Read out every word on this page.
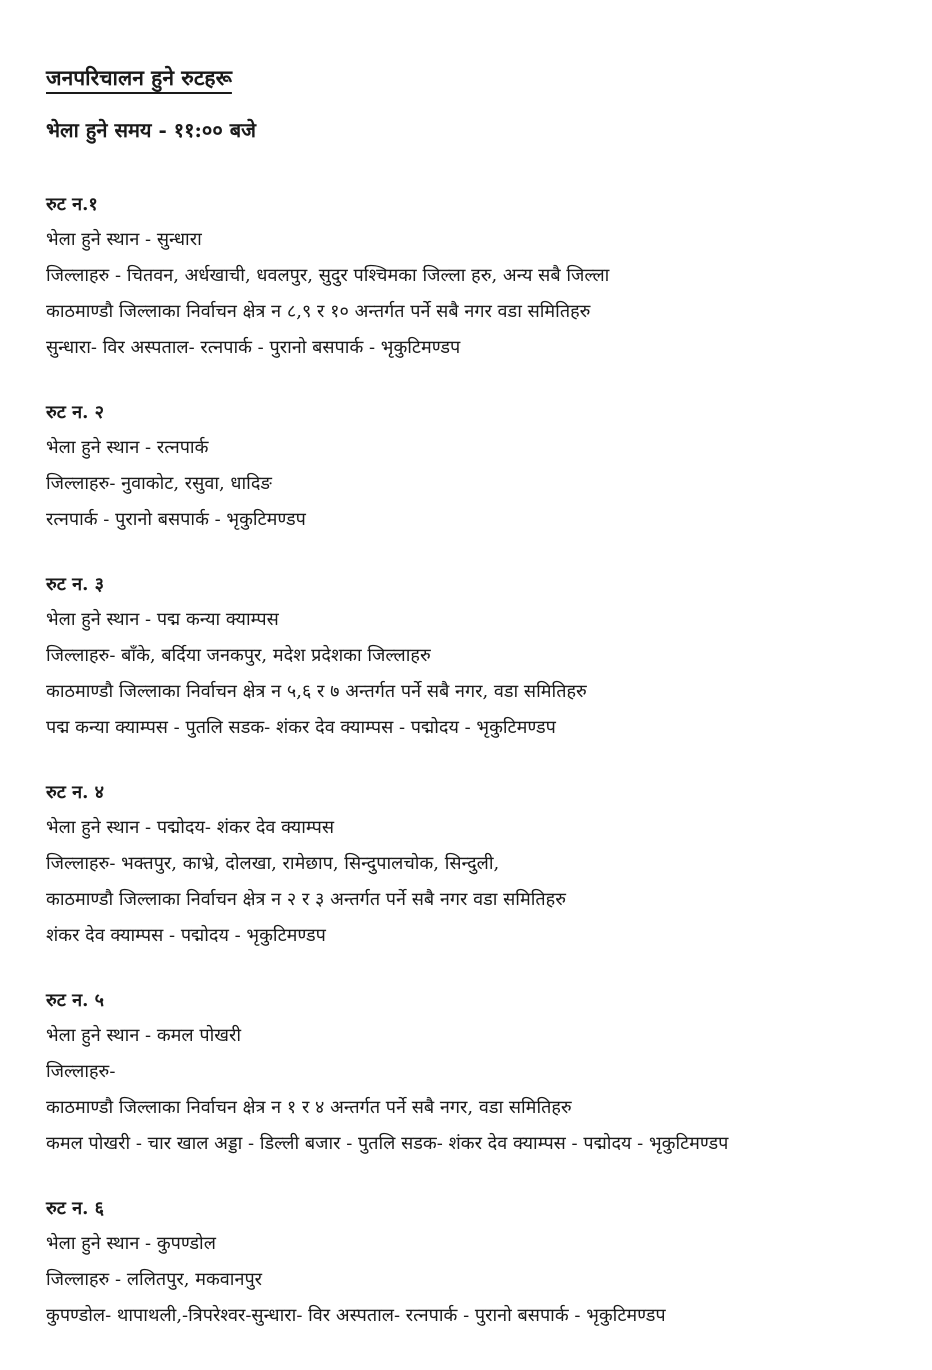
जनपरिचालन हुने रुटहरू
भेला हुने समय - ११:०० बजे
रुट न.१
भेला हुने स्थान - सुन्धारा
जिल्लाहरु - चितवन, अर्धखाची, धवलपुर, सुदुर पश्चिमका जिल्ला हरु, अन्य सबै जिल्ला
काठमाण्डौ जिल्लाका निर्वाचन क्षेत्र न ८,९ र १० अन्तर्गत पर्ने सबै नगर वडा समितिहरु
सुन्धारा- विर अस्पताल- रत्नपार्क - पुरानो बसपार्क - भृकुटिमण्डप
रुट न. २
भेला हुने स्थान - रत्नपार्क
जिल्लाहरु- नुवाकोट, रसुवा, धादिङ
रत्नपार्क - पुरानो बसपार्क - भृकुटिमण्डप
रुट न. ३
भेला हुने स्थान - पद्म कन्या क्याम्पस
जिल्लाहरु- बाँके, बर्दिया जनकपुर, मदेश प्रदेशका जिल्लाहरु
काठमाण्डौ जिल्लाका निर्वाचन क्षेत्र न ५,६ र ७ अन्तर्गत पर्ने सबै नगर, वडा समितिहरु
पद्म कन्या क्याम्पस - पुतलि सडक- शंकर देव क्याम्पस - पद्मोदय - भृकुटिमण्डप
रुट न. ४
भेला हुने स्थान - पद्मोदय- शंकर देव क्याम्पस
जिल्लाहरु- भक्तपुर, काभ्रे, दोलखा, रामेछाप, सिन्दुपालचोक, सिन्दुली,
काठमाण्डौ जिल्लाका निर्वाचन क्षेत्र न २ र ३ अन्तर्गत पर्ने सबै नगर वडा समितिहरु
शंकर देव क्याम्पस - पद्मोदय - भृकुटिमण्डप
रुट न. ५
भेला हुने स्थान - कमल पोखरी
जिल्लाहरु-
काठमाण्डौ जिल्लाका निर्वाचन क्षेत्र न १ र ४ अन्तर्गत पर्ने सबै नगर, वडा समितिहरु
कमल पोखरी - चार खाल अड्डा - डिल्ली बजार - पुतलि सडक- शंकर देव क्याम्पस - पद्मोदय - भृकुटिमण्डप
रुट न. ६
भेला हुने स्थान - कुपण्डोल
जिल्लाहरु - ललितपुर, मकवानपुर
कुपण्डोल- थापाथली,-त्रिपरेश्वर-सुन्धारा- विर अस्पताल- रत्नपार्क - पुरानो बसपार्क - भृकुटिमण्डप
